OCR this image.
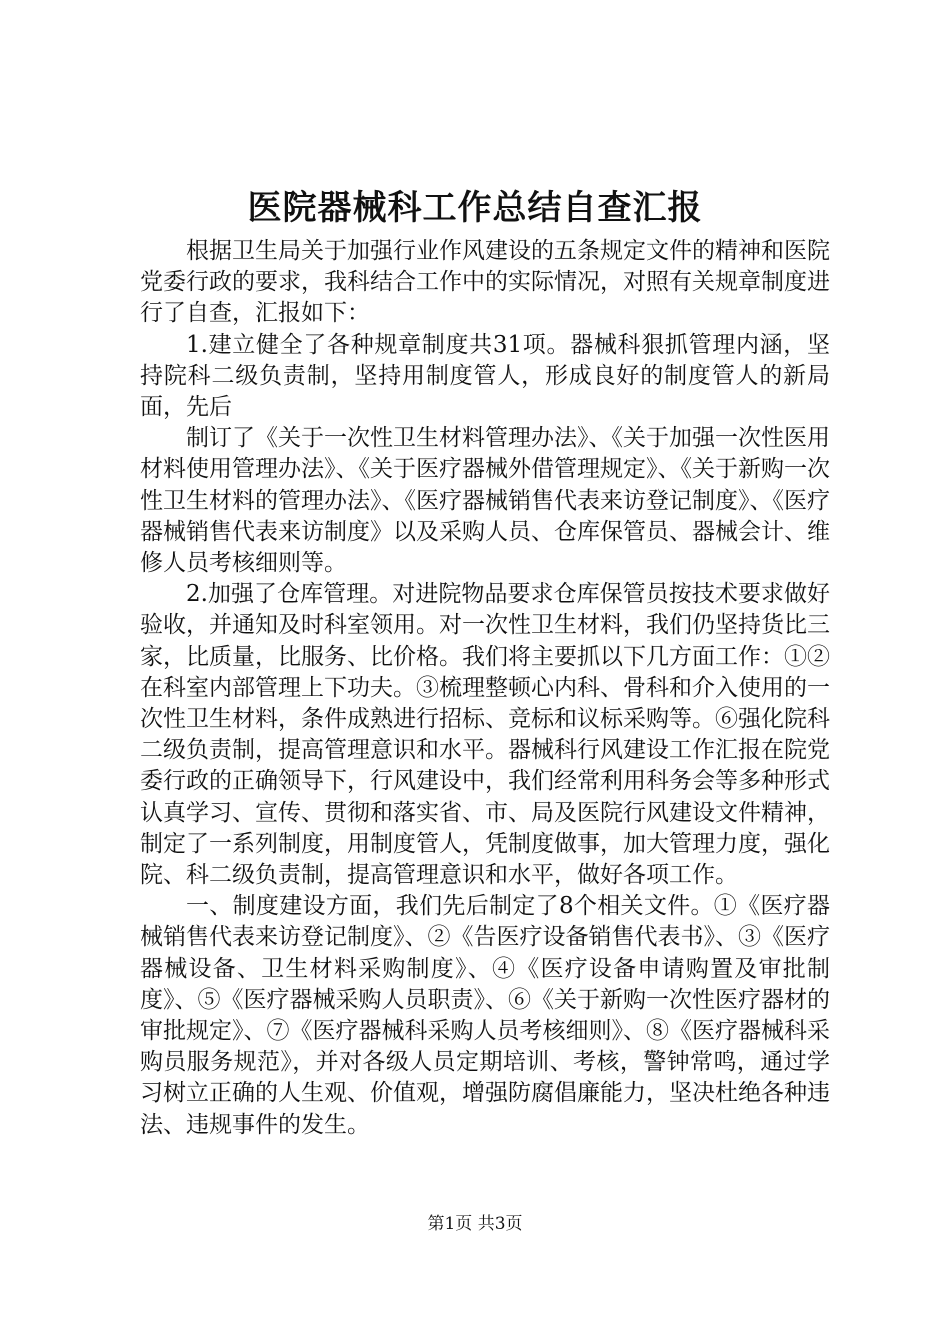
医院器械科工作总结自查汇报

根据卫生局关于加强行业作风建设的五条规定文件的精神和医院党委行政的要求，我科结合工作中的实际情况，对照有关规章制度进行了自查，汇报如下：

1.建立健全了各种规章制度共31项。器械科狠抓管理内涵，坚持院科二级负责制，坚持用制度管人，形成良好的制度管人的新局面，先后

制订了《关于一次性卫生材料管理办法》、《关于加强一次性医用材料使用管理办法》、《关于医疗器械外借管理规定》、《关于新购一次性卫生材料的管理办法》、《医疗器械销售代表来访登记制度》、《医疗器械销售代表来访制度》以及采购人员、仓库保管员、器械会计、维修人员考核细则等。

2.加强了仓库管理。对进院物品要求仓库保管员按技术要求做好验收，并通知及时科室领用。对一次性卫生材料，我们仍坚持货比三家，比质量，比服务、比价格。我们将主要抓以下几方面工作：①②在科室内部管理上下功夫。③梳理整顿心内科、骨科和介入使用的一次性卫生材料，条件成熟进行招标、竞标和议标采购等。⑥强化院科二级负责制，提高管理意识和水平。器械科行风建设工作汇报在院党委行政的正确领导下，行风建设中，我们经常利用科务会等多种形式认真学习、宣传、贯彻和落实省、市、局及医院行风建设文件精神，制定了一系列制度，用制度管人，凭制度做事，加大管理力度，强化院、科二级负责制，提高管理意识和水平，做好各项工作。

一、制度建设方面，我们先后制定了8个相关文件。①《医疗器械销售代表来访登记制度》、②《告医疗设备销售代表书》、③《医疗器械设备、卫生材料采购制度》、④《医疗设备申请购置及审批制度》、⑤《医疗器械采购人员职责》、⑥《关于新购一次性医疗器材的审批规定》、⑦《医疗器械科采购人员考核细则》、⑧《医疗器械科采购员服务规范》，并对各级人员定期培训、考核，警钟常鸣，通过学习树立正确的人生观、价值观，增强防腐倡廉能力，坚决杜绝各种违法、违规事件的发生。

第1页 共3页
